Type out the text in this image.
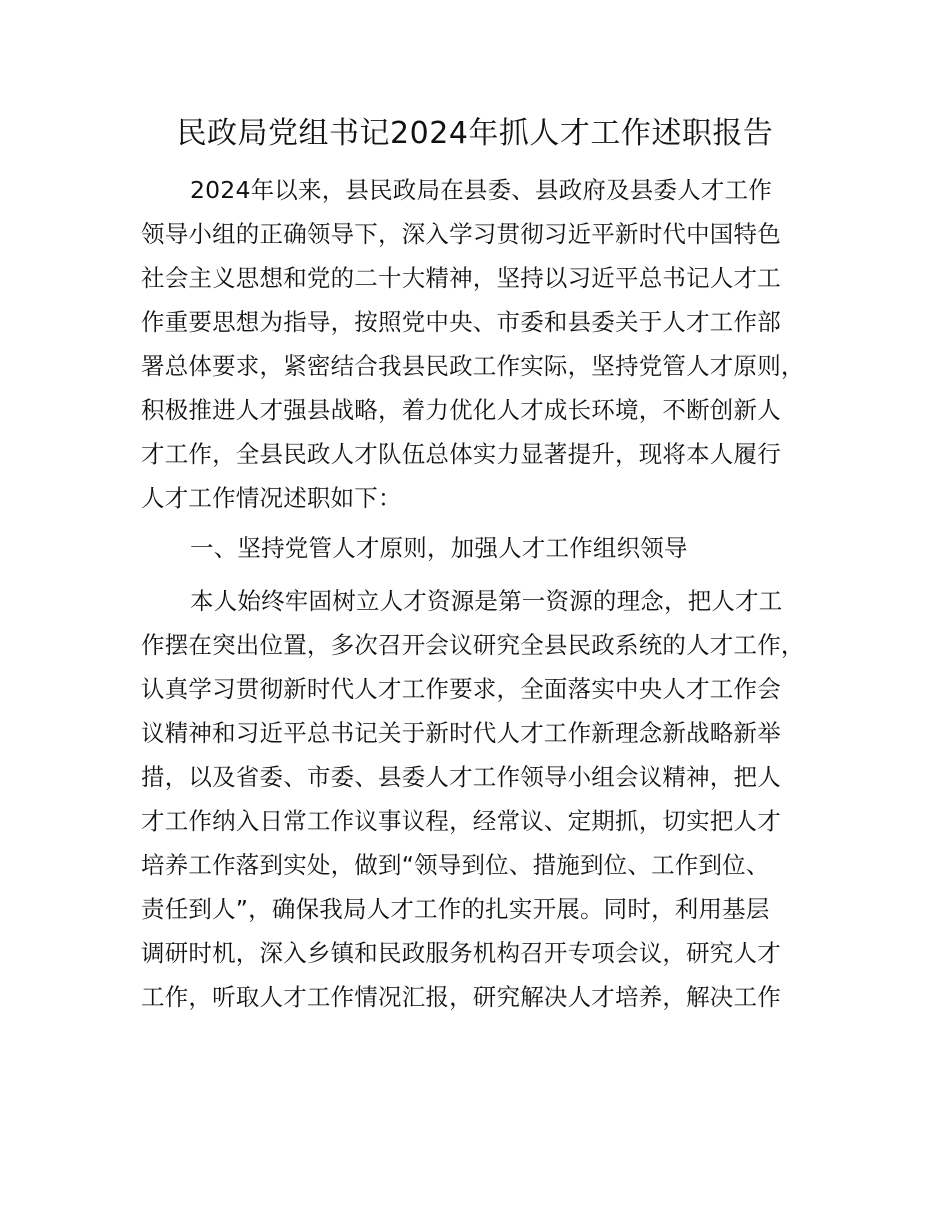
民政局党组书记2024年抓人才工作述职报告
2024年以来，县民政局在县委、县政府及县委人才工作
领导小组的正确领导下，深入学习贯彻习近平新时代中国特色
社会主义思想和党的二十大精神，坚持以习近平总书记人才工
作重要思想为指导，按照党中央、市委和县委关于人才工作部
署总体要求，紧密结合我县民政工作实际，坚持党管人才原则，
积极推进人才强县战略，着力优化人才成长环境，不断创新人
才工作，全县民政人才队伍总体实力显著提升，现将本人履行
人才工作情况述职如下：
一、坚持党管人才原则，加强人才工作组织领导
本人始终牢固树立人才资源是第一资源的理念，把人才工
作摆在突出位置，多次召开会议研究全县民政系统的人才工作，
认真学习贯彻新时代人才工作要求，全面落实中央人才工作会
议精神和习近平总书记关于新时代人才工作新理念新战略新举
措，以及省委、市委、县委人才工作领导小组会议精神，把人
才工作纳入日常工作议事议程，经常议、定期抓，切实把人才
培养工作落到实处，做到“领导到位、措施到位、工作到位、
责任到人”，确保我局人才工作的扎实开展。同时，利用基层
调研时机，深入乡镇和民政服务机构召开专项会议，研究人才
工作，听取人才工作情况汇报，研究解决人才培养，解决工作
